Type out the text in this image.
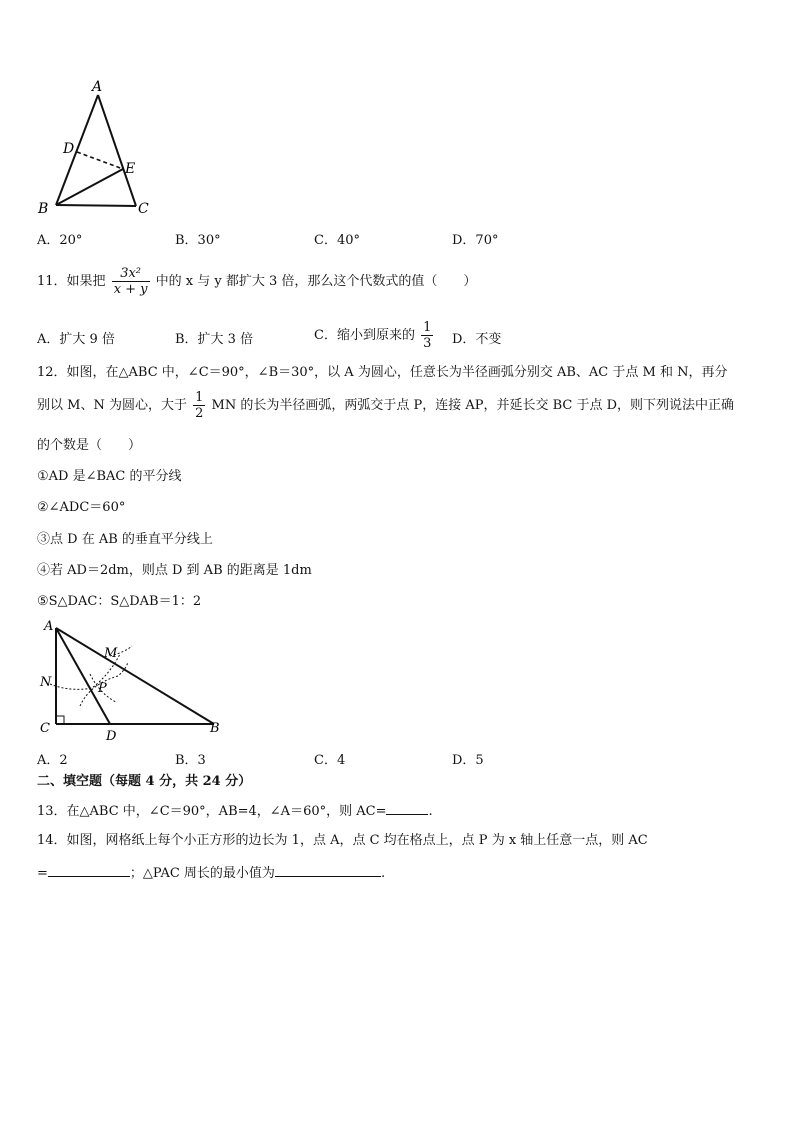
A
D
E
B	C
A．20°	B．30°	C．40°	D．70°
11．如果把 $\frac{\text{3x²}}{x + y}$ 中的 x 与 y 都扩大 3 倍，那么这个代数式的值（　　）
A．扩大 9 倍	B．扩大 3 倍	C．缩小到原来的 $\frac{1}{3}$ D．不变
12．如图，在△ABC 中，∠C＝90°，∠B＝30°，以 A 为圆心，任意长为半径画弧分别交 AB、AC 于点 M 和 N，再分
别以 M、N 为圆心，大于 $\frac{1}{2}$ MN 的长为半径画弧，两弧交于点 P，连接 AP，并延长交 BC 于点 D，则下列说法中正确
的个数是（　　）
①AD 是∠BAC 的平分线
②∠ADC＝60°
③点 D 在 AB 的垂直平分线上
④若 AD＝2dm，则点 D 到 AB 的距离是 1dm
⑤S△DAC：S△DAB＝1：2
A
M
N	P
C
D
B
A．2	B．3	C．4	D．5
二、填空题（每题 4 分，共 24 分）
13．在△ABC 中，∠C＝90°，AB=4，∠A＝60°，则 AC=	.
14．如图，网格纸上每个小正方形的边长为 1，点 A，点 C 均在格点上，点 P 为 x 轴上任意一点，则 AC
=	；△PAC 周长的最小值为	.
